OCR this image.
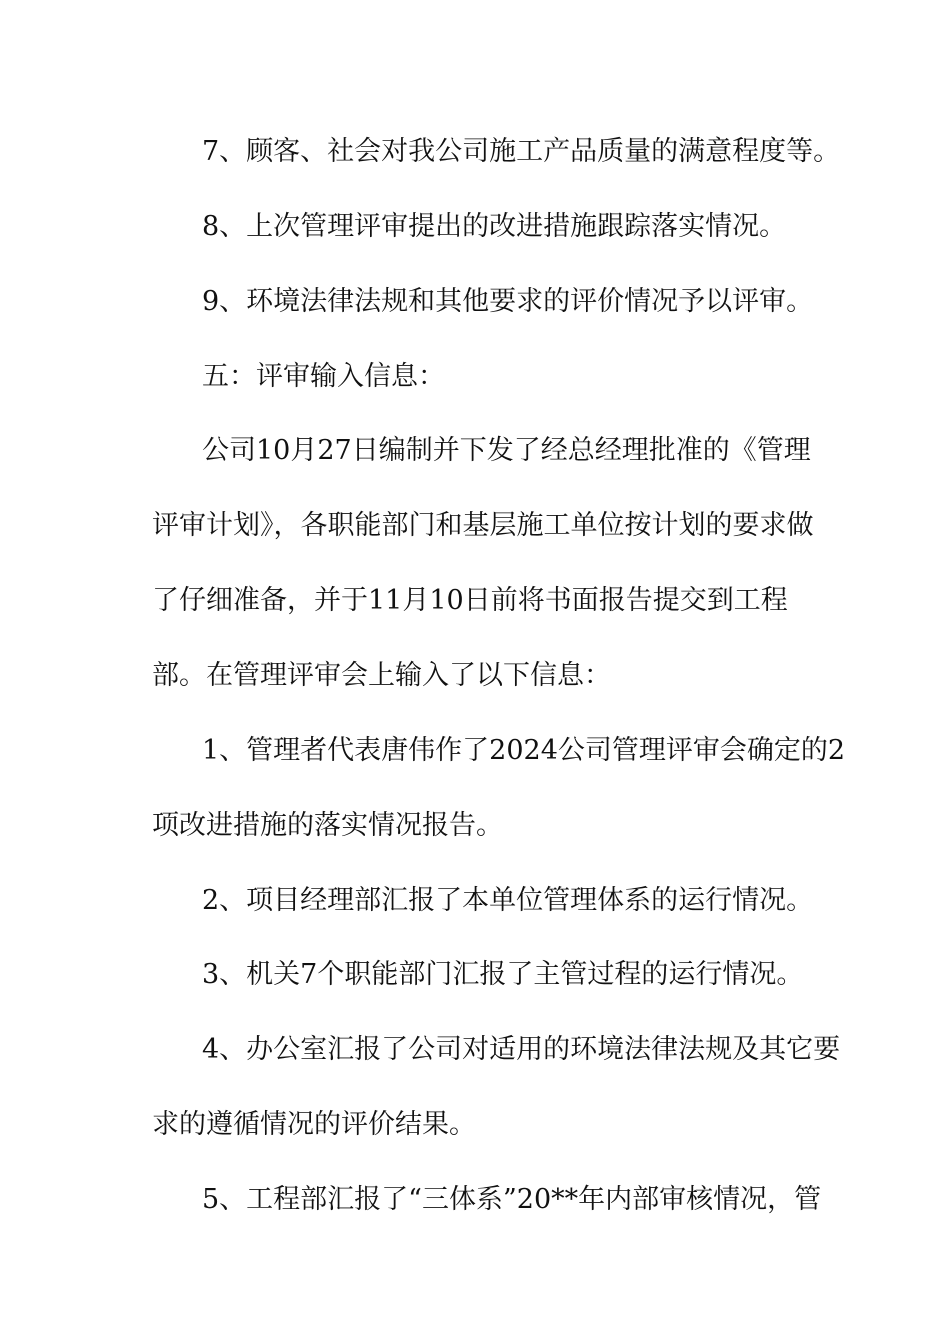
7、顾客、社会对我公司施工产品质量的满意程度等。
8、上次管理评审提出的改进措施跟踪落实情况。
9、环境法律法规和其他要求的评价情况予以评审。
五：评审输入信息：
公司10月27日编制并下发了经总经理批准的《管理
评审计划》，各职能部门和基层施工单位按计划的要求做
了仔细准备，并于11月10日前将书面报告提交到工程
部。在管理评审会上输入了以下信息：
1、管理者代表唐伟作了2024公司管理评审会确定的2
项改进措施的落实情况报告。
2、项目经理部汇报了本单位管理体系的运行情况。
3、机关7个职能部门汇报了主管过程的运行情况。
4、办公室汇报了公司对适用的环境法律法规及其它要
求的遵循情况的评价结果。
5、工程部汇报了“三体系”20**年内部审核情况，管
